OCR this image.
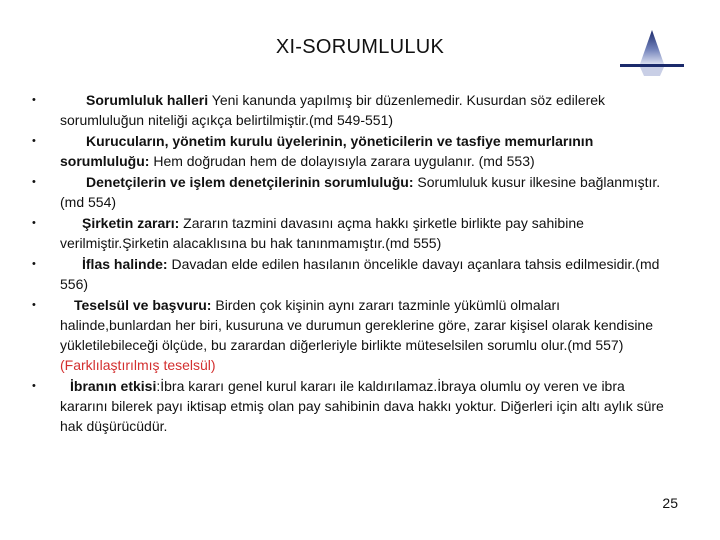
XI-SORUMLULUK
•	Sorumluluk halleri Yeni kanunda yapılmış bir düzenlemedir. Kusurdan söz edilerek sorumluluğun niteliği açıkça belirtilmiştir.(md 549-551)
•	Kurucuların, yönetim kurulu üyelerinin, yöneticilerin ve tasfiye memurlarının sorumluluğu: Hem doğrudan hem de dolayısıyla zarara uygulanır. (md 553)
•	Denetçilerin ve işlem denetçilerinin sorumluluğu: Sorumluluk kusur ilkesine bağlanmıştır.(md 554)
•	Şirketin zararı: Zararın tazmini davasını açma hakkı şirketle birlikte pay sahibine verilmiştir.Şirketin alacaklısına bu hak tanınmamıştır.(md 555)
•	İflas halinde: Davadan elde edilen hasılanın öncelikle davayı açanlara tahsis edilmesidir.(md 556)
•	Teselsül ve başvuru: Birden çok kişinin aynı zararı tazminle yükümlü olmaları halinde,bunlardan her biri, kusuruna ve durumun gereklerine göre, zarar kişisel olarak kendisine yükletilebileceği ölçüde, bu zarardan diğerleriyle birlikte müteselsilen sorumlu olur.(md 557) (Farklılaştırılmış teselsül)
•	İbranın etkisi:İbra kararı genel kurul kararı ile kaldırılamaz.İbraya olumlu oy veren ve ibra kararını bilerek payı iktisap etmiş olan pay sahibinin dava hakkı yoktur. Diğerleri için altı aylık süre hak düşürücüdür.
25
